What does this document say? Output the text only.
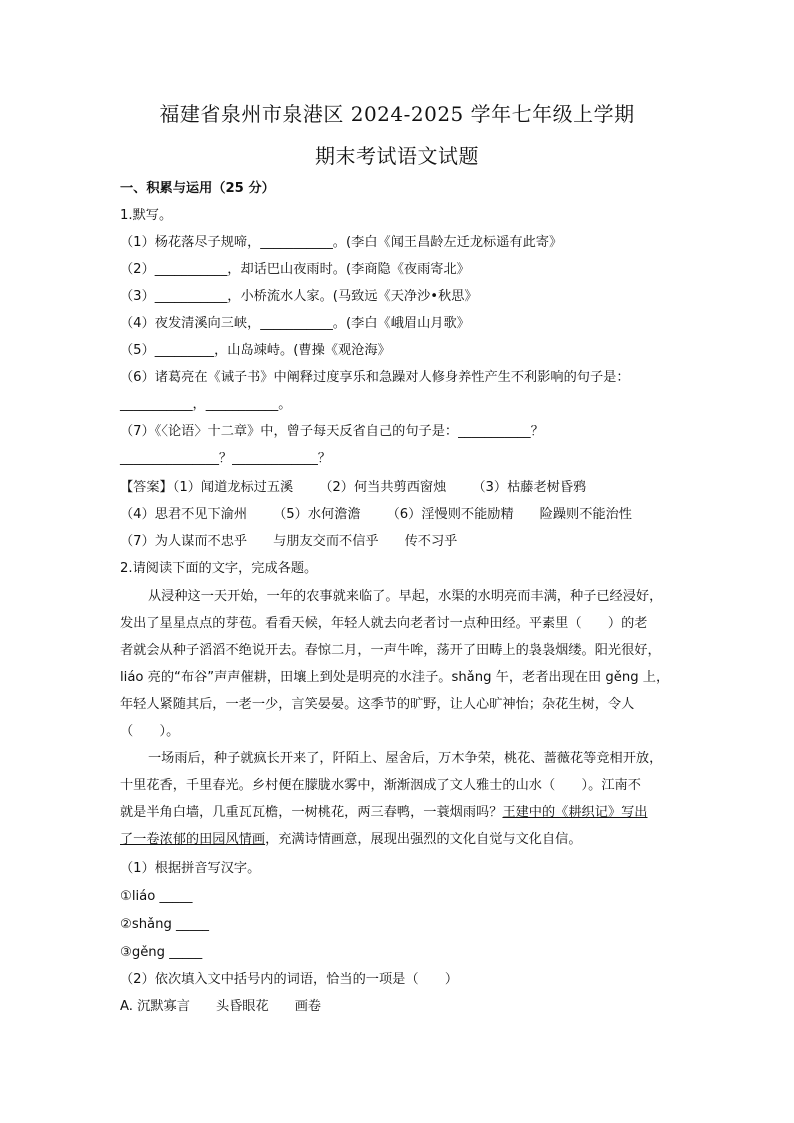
福建省泉州市泉港区 2024-2025 学年七年级上学期
期末考试语文试题
一、积累与运用（25 分）
1.默写。
（1）杨花落尽子规啼，___________。(李白《闻王昌龄左迁龙标遥有此寄》
（2）___________，却话巴山夜雨时。(李商隐《夜雨寄北》
（3）___________，小桥流水人家。(马致远《天净沙•秋思》
（4）夜发清溪向三峡，___________。(李白《峨眉山月歌》
（5）_________，山岛竦峙。(曹操《观沧海》
（6）诸葛亮在《诫子书》中阐释过度享乐和急躁对人修身养性产生不利影响的句子是：
___________，___________。
（7）《〈论语〉十二章》中，曾子每天反省自己的句子是：___________？
_______________？_____________？
【答案】（1）闻道龙标过五溪 （2）何当共剪西窗烛 （3）枯藤老树昏鸦
（4）思君不见下渝州 （5）水何澹澹 （6）淫慢则不能励精 险躁则不能治性
（7）为人谋而不忠乎 与朋友交而不信乎 传不习乎
2.请阅读下面的文字，完成各题。
从浸种这一天开始，一年的农事就来临了。早起，水渠的水明亮而丰满，种子已经浸好，
发出了星星点点的芽苞。看看天候，年轻人就去向老者讨一点种田经。平素里（　　）的老
者就会从种子滔滔不绝说开去。春惊二月，一声牛哞，荡开了田畴上的袅袅烟缕。阳光很好，
liáo 亮的“布谷”声声催耕，田壤上到处是明亮的水洼子。shǎng 午，老者出现在田 gěng 上，
年轻人紧随其后，一老一少，言笑晏晏。这季节的旷野，让人心旷神怡；杂花生树，令人
（　　）。
一场雨后，种子就疯长开来了，阡陌上、屋舍后，万木争荣，桃花、蔷薇花等竞相开放，
十里花香，千里春光。乡村便在朦胧水雾中，渐渐洇成了文人雅士的山水（　　）。江南不
就是半角白墙，几重瓦瓦檐，一树桃花，两三春鸭，一蓑烟雨吗？王建中的《耕织记》写出
了一卷浓郁的田园风情画，充满诗情画意，展现出强烈的文化自觉与文化自信。
（1）根据拼音写汉字。
①liáo _____
②shǎng _____
③gěng _____
（2）依次填入文中括号内的词语，恰当的一项是（　　）
A. 沉默寡言 头昏眼花 画卷
